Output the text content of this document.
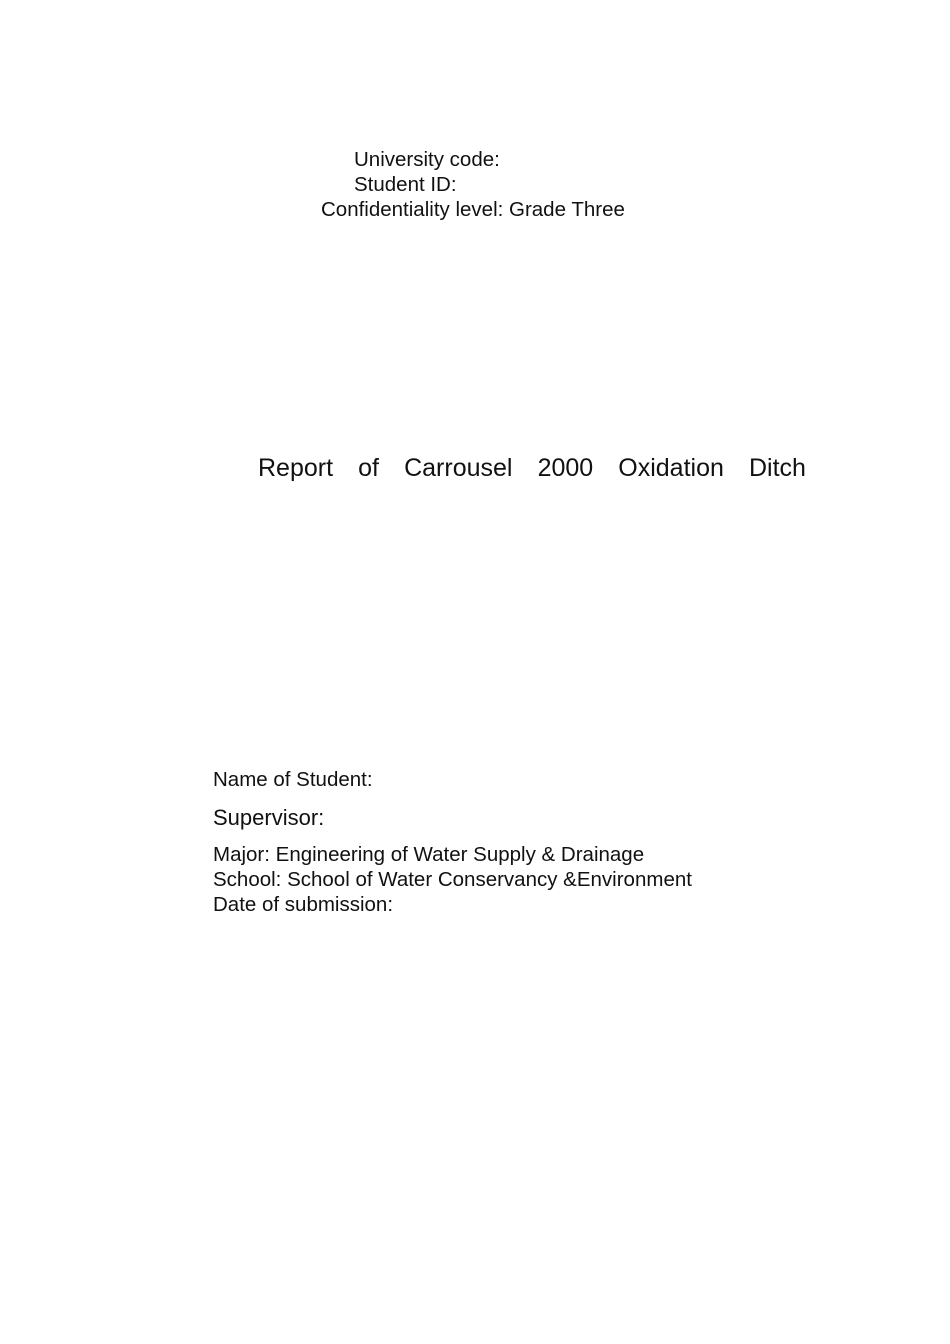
University code:
Student ID:
Confidentiality level: Grade Three
Report of Carrousel 2000 Oxidation Ditch
Name of Student:
Supervisor:
Major: Engineering of Water Supply & Drainage
School: School of Water Conservancy &Environment
Date of submission:
